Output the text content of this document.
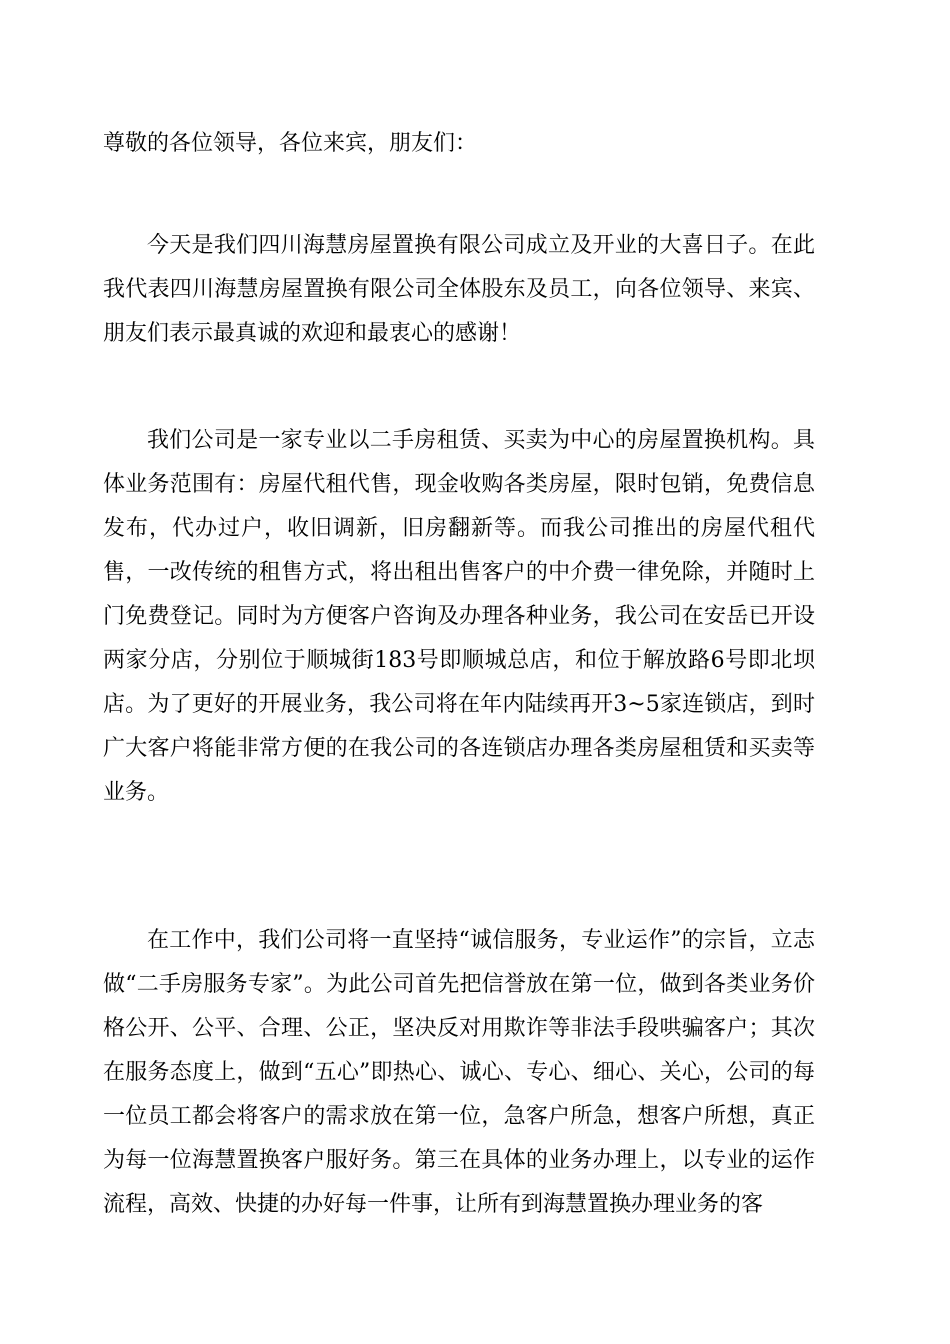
尊敬的各位领导，各位来宾，朋友们：

今天是我们四川海慧房屋置换有限公司成立及开业的大喜日子。在此我代表四川海慧房屋置换有限公司全体股东及员工，向各位领导、来宾、朋友们表示最真诚的欢迎和最衷心的感谢！

我们公司是一家专业以二手房租赁、买卖为中心的房屋置换机构。具体业务范围有：房屋代租代售，现金收购各类房屋，限时包销，免费信息发布，代办过户，收旧调新，旧房翻新等。而我公司推出的房屋代租代售，一改传统的租售方式，将出租出售客户的中介费一律免除，并随时上门免费登记。同时为方便客户咨询及办理各种业务，我公司在安岳已开设两家分店，分别位于顺城街183号即顺城总店，和位于解放路6号即北坝店。为了更好的开展业务，我公司将在年内陆续再开3~5家连锁店，到时广大客户将能非常方便的在我公司的各连锁店办理各类房屋租赁和买卖等业务。

在工作中，我们公司将一直坚持“诚信服务，专业运作”的宗旨，立志做“二手房服务专家”。为此公司首先把信誉放在第一位，做到各类业务价格公开、公平、合理、公正，坚决反对用欺诈等非法手段哄骗客户；其次在服务态度上，做到“五心”即热心、诚心、专心、细心、关心，公司的每一位员工都会将客户的需求放在第一位，急客户所急，想客户所想，真正为每一位海慧置换客户服好务。第三在具体的业务办理上，以专业的运作流程，高效、快捷的办好每一件事，让所有到海慧置换办理业务的客
